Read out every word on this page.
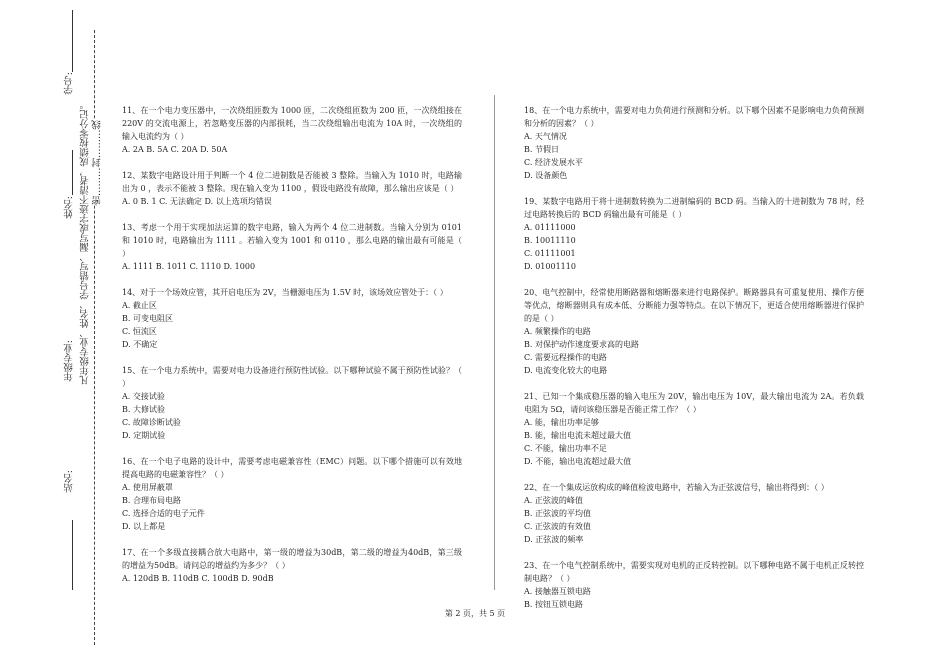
学号:
姓名:
年级专业:
站名:
凡年级专业、姓名、学号错写、漏写或字迹不清者，成绩按零分记。 密………封………线
11、在一个电力变压器中，一次绕组匝数为 1000 匝，二次绕组匝数为 200 匝，一次绕组接在 220V 的交流电源上，若忽略变压器的内部损耗，当二次绕组输出电流为 10A 时，一次绕组的输入电流约为（ ）
A. 2A B. 5A C. 20A D. 50A
12、某数字电路设计用于判断一个 4 位二进制数是否能被 3 整除。当输入为 1010 时，电路输出为 0 ，表示不能被 3 整除。现在输入变为 1100 ，假设电路没有故障，那么输出应该是（ ）
A. 0 B. 1 C. 无法确定 D. 以上选项均错误
13、考虑一个用于实现加法运算的数字电路，输入为两个 4 位二进制数。当输入分别为 0101 和 1010 时，电路输出为 1111 。若输入变为 1001 和 0110 ，那么电路的输出最有可能是（ ）
A. 1111 B. 1011 C. 1110 D. 1000
14、对于一个场效应管，其开启电压为 2V，当栅源电压为 1.5V 时，该场效应管处于：（ ）
A. 截止区
B. 可变电阻区
C. 恒流区
D. 不确定
15、在一个电力系统中，需要对电力设备进行预防性试验。以下哪种试验不属于预防性试验？（ ）
A. 交接试验
B. 大修试验
C. 故障诊断试验
D. 定期试验
16、在一个电子电路的设计中，需要考虑电磁兼容性（EMC）问题。以下哪个措施可以有效地提高电路的电磁兼容性？（ ）
A. 使用屏蔽罩
B. 合理布局电路
C. 选择合适的电子元件
D. 以上都是
17、在一个多级直接耦合放大电路中，第一级的增益为30dB，第二级的增益为40dB，第三级的增益为50dB。请问总的增益约为多少？（ ）
A. 120dB B. 110dB C. 100dB D. 90dB
18、在一个电力系统中，需要对电力负荷进行预测和分析。以下哪个因素不是影响电力负荷预测和分析的因素？（ ）
A. 天气情况
B. 节假日
C. 经济发展水平
D. 设备颜色
19、某数字电路用于将十进制数转换为二进制编码的 BCD 码。当输入的十进制数为 78 时，经过电路转换后的 BCD 码输出最有可能是（ ）
A. 01111000
B. 10011110
C. 01111001
D. 01001110
20、电气控制中，经常使用断路器和熔断器来进行电路保护。断路器具有可重复使用、操作方便等优点，熔断器则具有成本低、分断能力强等特点。在以下情况下，更适合使用熔断器进行保护的是（ ）
A. 频繁操作的电路
B. 对保护动作速度要求高的电路
C. 需要远程操作的电路
D. 电流变化较大的电路
21、已知一个集成稳压器的输入电压为 20V，输出电压为 10V，最大输出电流为 2A。若负载电阻为 5Ω，请问该稳压器是否能正常工作？（ ）
A. 能，输出功率足够
B. 能，输出电流未超过最大值
C. 不能，输出功率不足
D. 不能，输出电流超过最大值
22、在一个集成运放构成的峰值检波电路中，若输入为正弦波信号，输出将得到：（ ）
A. 正弦波的峰值
B. 正弦波的平均值
C. 正弦波的有效值
D. 正弦波的频率
23、在一个电气控制系统中，需要实现对电机的正反转控制。以下哪种电路不属于电机正反转控制电路？（ ）
A. 接触器互锁电路
B. 按钮互锁电路
第 2 页，共 5 页
